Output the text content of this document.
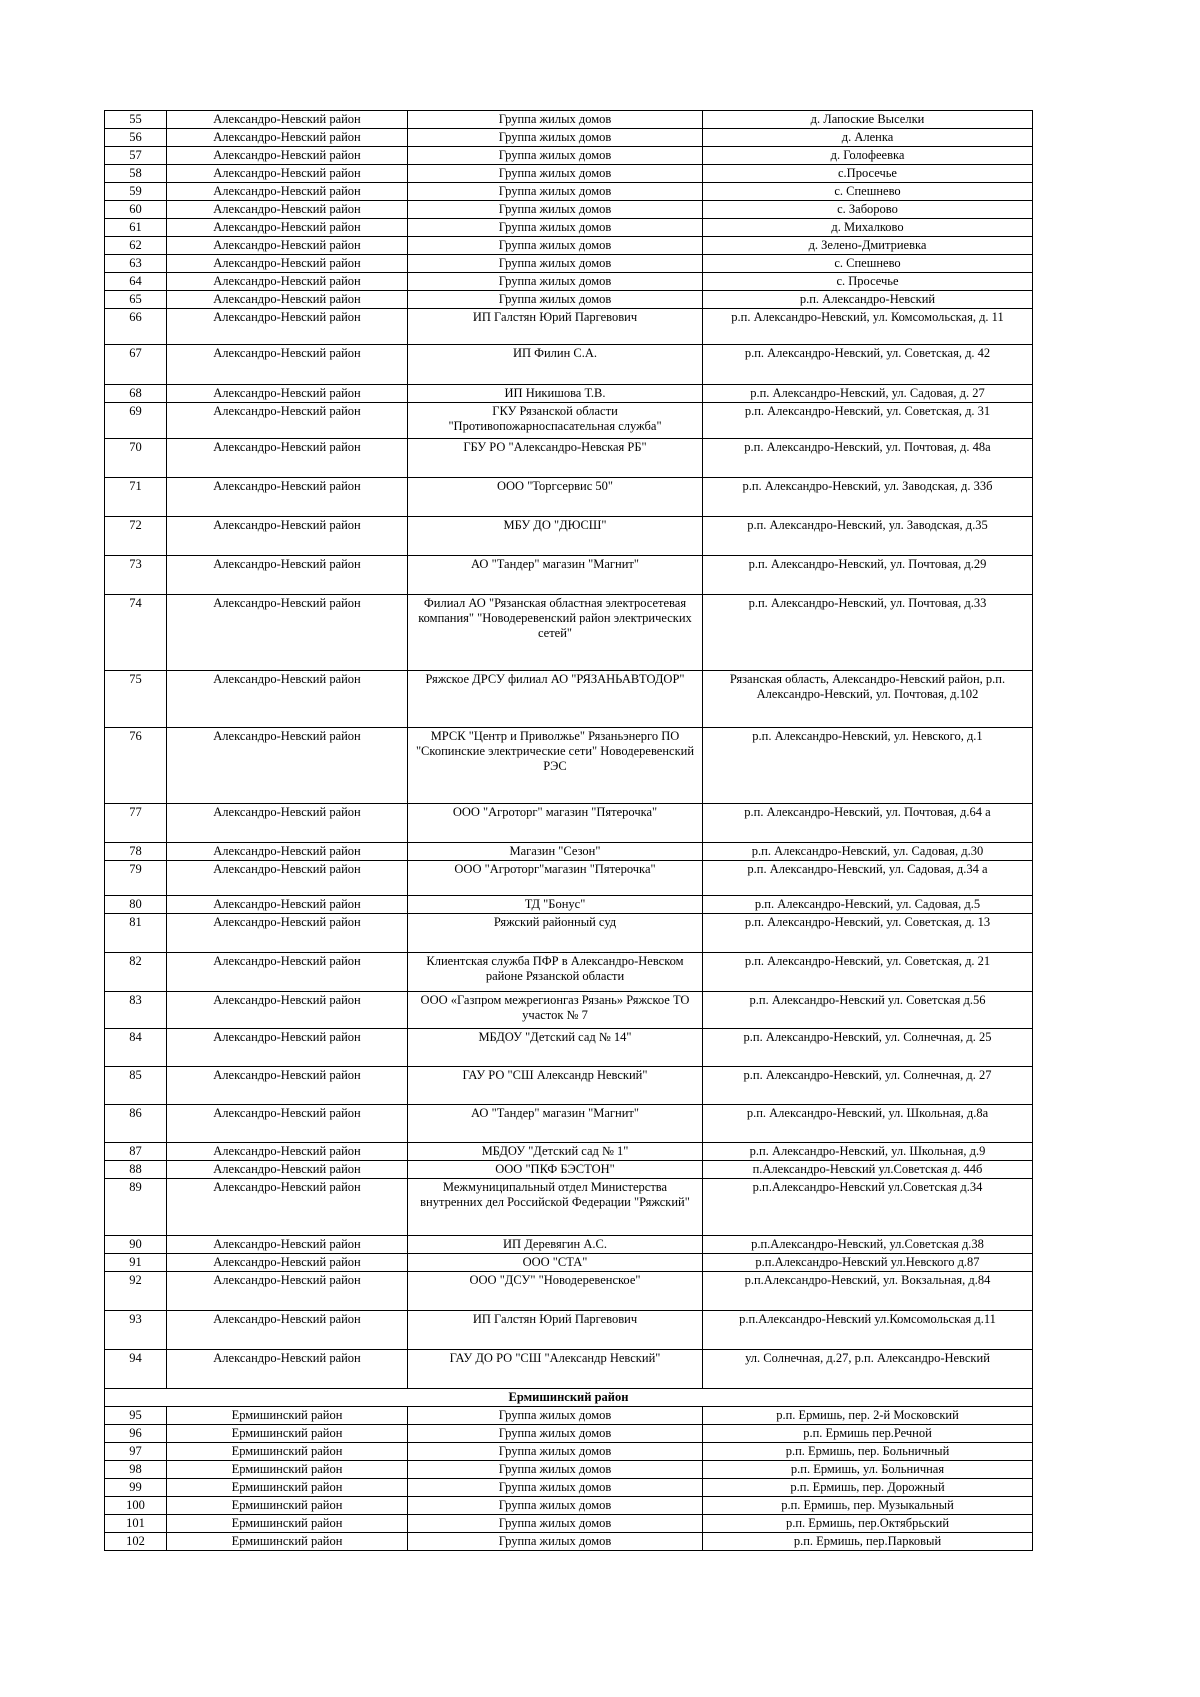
55	Александро-Невский район	Группа жилых домов	д. Лапоские Выселки
56	Александро-Невский район	Группа жилых домов	д. Аленка
57	Александро-Невский район	Группа жилых домов	д. Голофеевка
58	Александро-Невский район	Группа жилых домов	с.Просечье
59	Александро-Невский район	Группа жилых домов	с. Спешнево
60	Александро-Невский район	Группа жилых домов	с. Заборово
61	Александро-Невский район	Группа жилых домов	д. Михалково
62	Александро-Невский район	Группа жилых домов	д. Зелено-Дмитриевка
63	Александро-Невский район	Группа жилых домов	с. Спешнево
64	Александро-Невский район	Группа жилых домов	с. Просечье
65	Александро-Невский район	Группа жилых домов	р.п. Александро-Невский
66	Александро-Невский район	ИП Галстян Юрий Паргевович	р.п. Александро-Невский, ул. Комсомольская, д. 11
67	Александро-Невский район	ИП Филин С.А.	р.п. Александро-Невский, ул. Советская, д. 42
68	Александро-Невский район	ИП Никишова Т.В.	р.п. Александро-Невский, ул. Садовая, д. 27
69	Александро-Невский район	ГКУ Рязанской области "Противопожарноспасательная служба"	р.п. Александро-Невский, ул. Советская, д. 31
70	Александро-Невский район	ГБУ РО "Александро-Невская РБ"	р.п. Александро-Невский, ул. Почтовая, д. 48а
71	Александро-Невский район	ООО "Торгсервис 50"	р.п. Александро-Невский, ул. Заводская, д. 33б
72	Александро-Невский район	МБУ ДО "ДЮСШ"	р.п. Александро-Невский, ул. Заводская, д.35
73	Александро-Невский район	АО "Тандер" магазин "Магнит"	р.п. Александро-Невский, ул. Почтовая, д.29
74	Александро-Невский район	Филиал АО "Рязанская областная электросетевая компания" "Новодеревенский район электрических сетей"	р.п. Александро-Невский, ул. Почтовая, д.33
75	Александро-Невский район	Ряжское ДРСУ филиал АО "РЯЗАНЬАВТОДОР"	Рязанская область, Александро-Невский район, р.п. Александро-Невский, ул. Почтовая, д.102
76	Александро-Невский район	МРСК "Центр и Приволжье" Рязаньэнерго ПО "Скопинские электрические сети" Новодеревенский РЭС	р.п. Александро-Невский, ул. Невского, д.1
77	Александро-Невский район	ООО "Агроторг" магазин "Пятерочка"	р.п. Александро-Невский, ул. Почтовая, д.64 а
78	Александро-Невский район	Магазин "Сезон"	р.п. Александро-Невский, ул. Садовая, д.30
79	Александро-Невский район	ООО "Агроторг"магазин "Пятерочка"	р.п. Александро-Невский, ул. Садовая, д.34 а
80	Александро-Невский район	ТД "Бонус"	р.п. Александро-Невский, ул. Садовая, д.5
81	Александро-Невский район	Ряжский районный суд	р.п. Александро-Невский, ул. Советская, д. 13
82	Александро-Невский район	Клиентская служба ПФР в Александро-Невском районе Рязанской области	р.п. Александро-Невский, ул. Советская, д. 21
83	Александро-Невский район	ООО «Газпром межрегионгаз Рязань» Ряжское ТО участок № 7	р.п. Александро-Невский ул. Советская д.56
84	Александро-Невский район	МБДОУ "Детский сад № 14"	р.п. Александро-Невский, ул. Солнечная, д. 25
85	Александро-Невский район	ГАУ РО "СШ Александр Невский"	р.п. Александро-Невский, ул. Солнечная, д. 27
86	Александро-Невский район	АО "Тандер" магазин "Магнит"	р.п. Александро-Невский, ул. Школьная, д.8а
87	Александро-Невский район	МБДОУ "Детский сад № 1"	р.п. Александро-Невский, ул. Школьная, д.9
88	Александро-Невский район	ООО "ПКФ БЭСТОН"	п.Александро-Невский ул.Советская д. 44б
89	Александро-Невский район	Межмуниципальный отдел Министерства внутренних дел Российской Федерации "Ряжский"	р.п.Александро-Невский ул.Советская д.34
90	Александро-Невский район	ИП Деревягин А.С.	р.п.Александро-Невский, ул.Советская д.38
91	Александро-Невский район	ООО "СТА"	р.п.Александро-Невский ул.Невского д.87
92	Александро-Невский район	ООО "ДСУ" "Новодеревенское"	р.п.Александро-Невский, ул. Вокзальная, д.84
93	Александро-Невский район	ИП Галстян Юрий Паргевович	р.п.Александро-Невский ул.Комсомольская д.11
94	Александро-Невский район	ГАУ ДО РО "СШ "Александр Невский"	ул. Солнечная, д.27, р.п. Александро-Невский
Ермишинский район			
95	Ермишинский район	Группа жилых домов	р.п. Ермишь, пер. 2-й Московский
96	Ермишинский район	Группа жилых домов	р.п. Ермишь пер.Речной
97	Ермишинский район	Группа жилых домов	р.п. Ермишь, пер. Больничный
98	Ермишинский район	Группа жилых домов	р.п. Ермишь, ул. Больничная
99	Ермишинский район	Группа жилых домов	р.п. Ермишь, пер. Дорожный
100	Ермишинский район	Группа жилых домов	р.п. Ермишь, пер. Музыкальный
101	Ермишинский район	Группа жилых домов	р.п. Ермишь, пер.Октябрьский
102	Ермишинский район	Группа жилых домов	р.п. Ермишь, пер.Парковый
